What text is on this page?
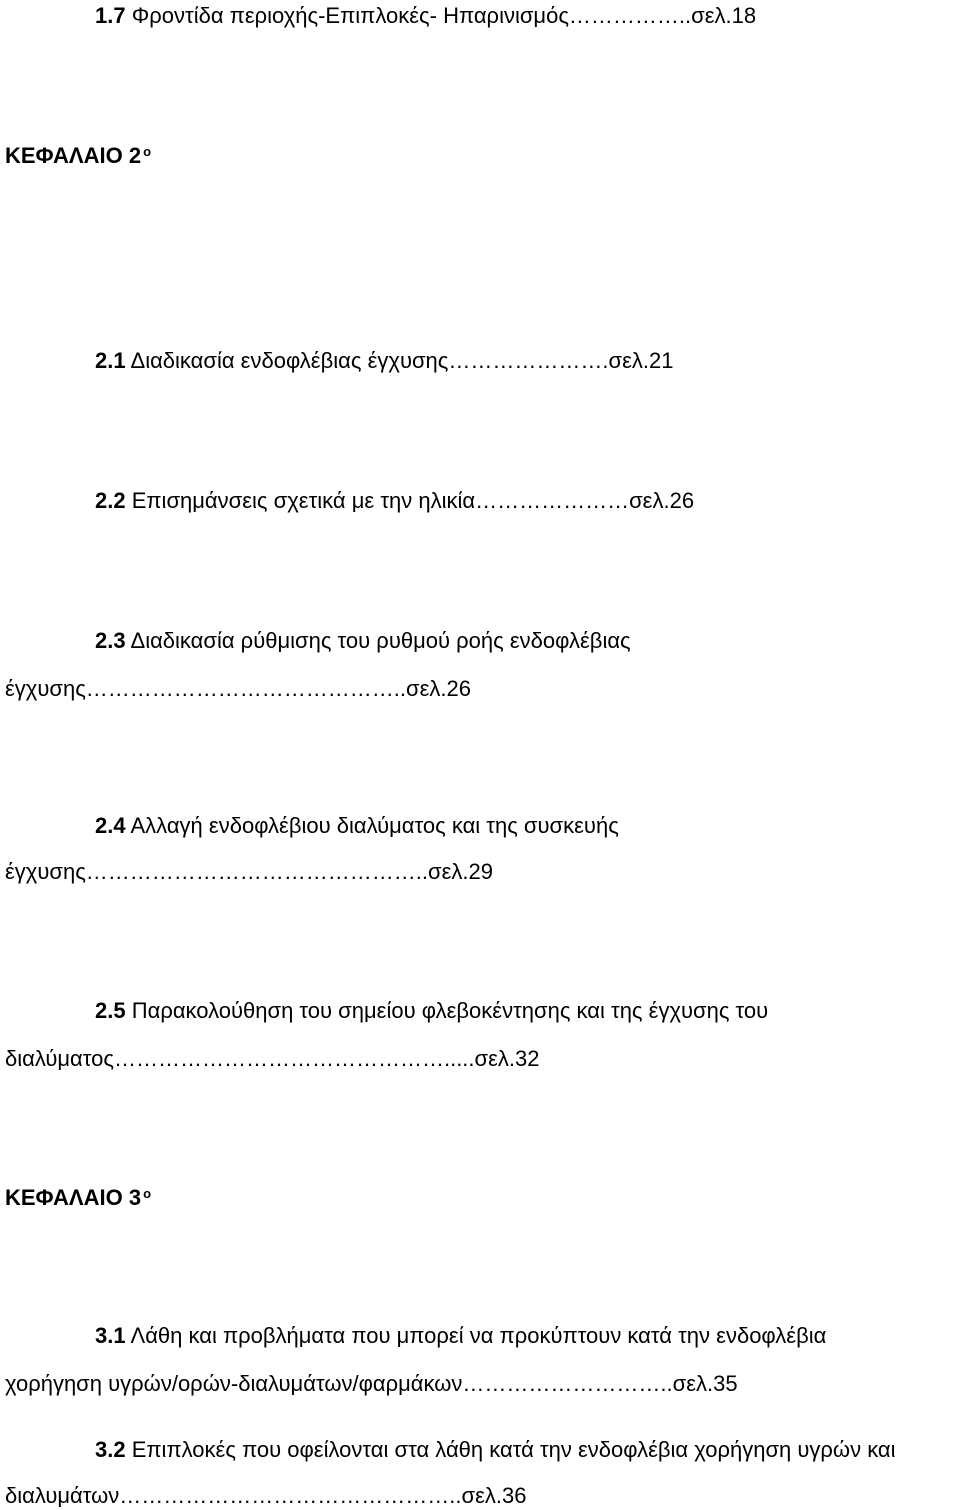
1.7 Φροντίδα περιοχής-Επιπλοκές- Ηπαρινισμός……………..σελ.18
ΚΕΦΑΛΑΙΟ 2 $^o$
2.1 Διαδικασία ενδοφλέβιας έγχυσης………………….σελ.21
2.2 Επισημάνσεις σχετικά με την ηλικία…………………σελ.26
2.3 Διαδικασία ρύθμισης του ρυθμού ροής ενδοφλέβιας
έγχυσης……………………………………..σελ.26
2.4 Αλλαγή ενδοφλέβιου διαλύματος και της συσκευής
έγχυσης………………………………………..σελ.29
2.5 Παρακολούθηση του σημείου φλεβοκέντησης και της έγχυσης του
διαλύματος……………………………………….....σελ.32
ΚΕΦΑΛΑΙΟ 3 $^o$
3.1 Λάθη και προβλήματα που μπορεί να προκύπτουν κατά την ενδοφλέβια
χορήγηση υγρών/ορών-διαλυμάτων/φαρμάκων………………………..σελ.35
3.2 Επιπλοκές που οφείλονται στα λάθη κατά την ενδοφλέβια χορήγηση υγρών και
διαλυμάτων………………………………………..σελ.36
